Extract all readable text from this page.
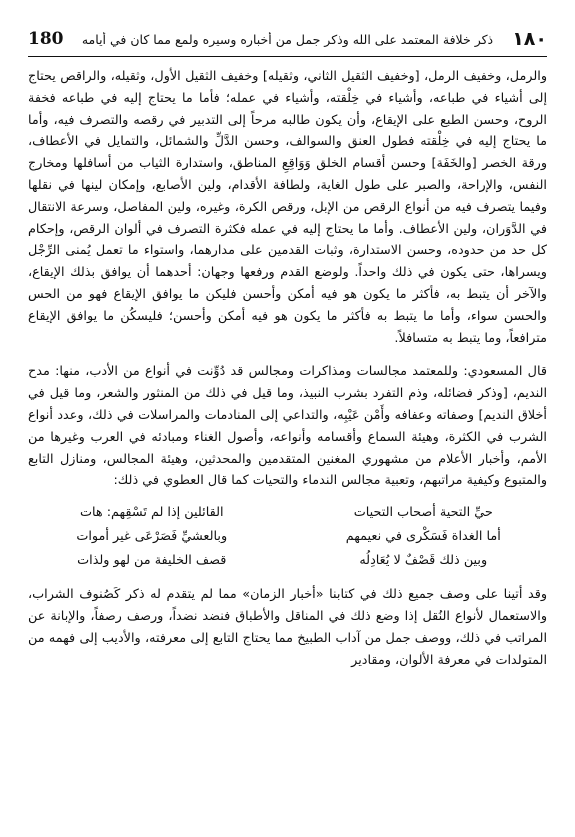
١٨٠
ذكر خلافة المعتمد على الله وذكر جمل من أخباره وسيره ولمع مما كان في أيامه
180

والرمل، وخفيف الرمل، [وخفيف الثقيل الثاني، وثقيله] وخفيف الثقيل الأول، وثقيله، والراقص يحتاج إلى أشياء في طباعه، وأشياء في خِلْقته، وأشياء في عمله؛ فأما ما يحتاج إليه في طباعه فخفة الروح، وحسن الطبع على الإيقاع، وأن يكون طالبه مرحاً إلى التدبير في رقصه والتصرف فيه، وأما ما يحتاج إليه في خِلْقته فطول العنق والسوالف، وحسن الدَّلِّ والشمائل، والتمايل في الأعطاف، ورقة الخصر [والخَفَة] وحسن أقسام الخلق وَوَاقِعِ المناطق، واستدارة الثياب من أسافلها ومخارج النفس، والإراحة، والصبر على طول الغاية، ولطافة الأقدام، ولين الأصابع، وإمكان لينها في نقلها وفيما يتصرف فيه من أنواع الرقص من الإبل، ورقص الكرة، وغيره، ولين المفاصل، وسرعة الانتقال في الدَّوَران، ولين الأعطاف. وأما ما يحتاج إليه في عمله فكثرة التصرف في ألوان الرقص، وإحكام كل حد من حدوده، وحسن الاستدارة، وثبات القدمين على مدارهما، واستواء ما تعمل يُمنى الرِّجْل ويسراها، حتى يكون في ذلك واحداً. ولوضع القدم ورفعها وجهان: أحدهما أن يوافق بذلك الإيقاع، والآخر أن يتبط به، فأكثر ما يكون هو فيه أمكن وأحسن فليكن ما يوافق الإيقاع فهو من الحس والحسن سواء، وأما ما يتبط به فأكثر ما يكون هو فيه أمكن وأحسن؛ فليسكُن ما يوافق الإيقاع مترافعاً، وما يتبط به متسافلاً.

قال المسعودي: وللمعتمد مجالسات ومذاكرات ومجالس قد دُوِّنت في أنواع من الأدب، منها: مدح النديم، [وذكر فضائله، وذم التفرد بشرب النبيذ، وما قيل في ذلك من المنثور والشعر، وما قيل في أخلاق النديم] وصفاته وعفافه وأَمْن عَيْبِه، والتداعي إلى المنادمات والمراسلات في ذلك، وعدد أنواع الشرب في الكثرة، وهيئة السماع وأقسامه وأنواعه، وأصول الغناء ومبادئه في العرب وغيرها من الأمم، وأخبار الأعلام من مشهوري المغنين المتقدمين والمحدثين، وهيئة المجالس، ومنازل التابع والمتبوع وكيفية مراتبهم، وتعبية مجالس الندماء والتحيات كما قال العطوي في ذلك:

حيِّ التحية أصحاب التحيات
القائلين إذا لم تَسْقِهم: هات
أما الغداة فَسَكْرى في نعيمهم
وبالعشيِّ فَصَرْعَى غير أموات
وبين ذلك قَصْفٌ لا يُعَادِلُه
قصف الخليفة من لهو ولذات

وقد أتينا على وصف جميع ذلك في كتابنا «أخبار الزمان» مما لم يتقدم له ذكر كَصُنوف الشراب، والاستعمال لأنواع النُقل إذا وضع ذلك في المناقل والأطباق فنضد نضداً، ورصف رصفاً، والإبانة عن المراتب في ذلك، ووصف جمل من آداب الطبيخ مما يحتاج التابع إلى معرفته، والأديب إلى فهمه من المتولدات في معرفة الألوان، ومقادير
